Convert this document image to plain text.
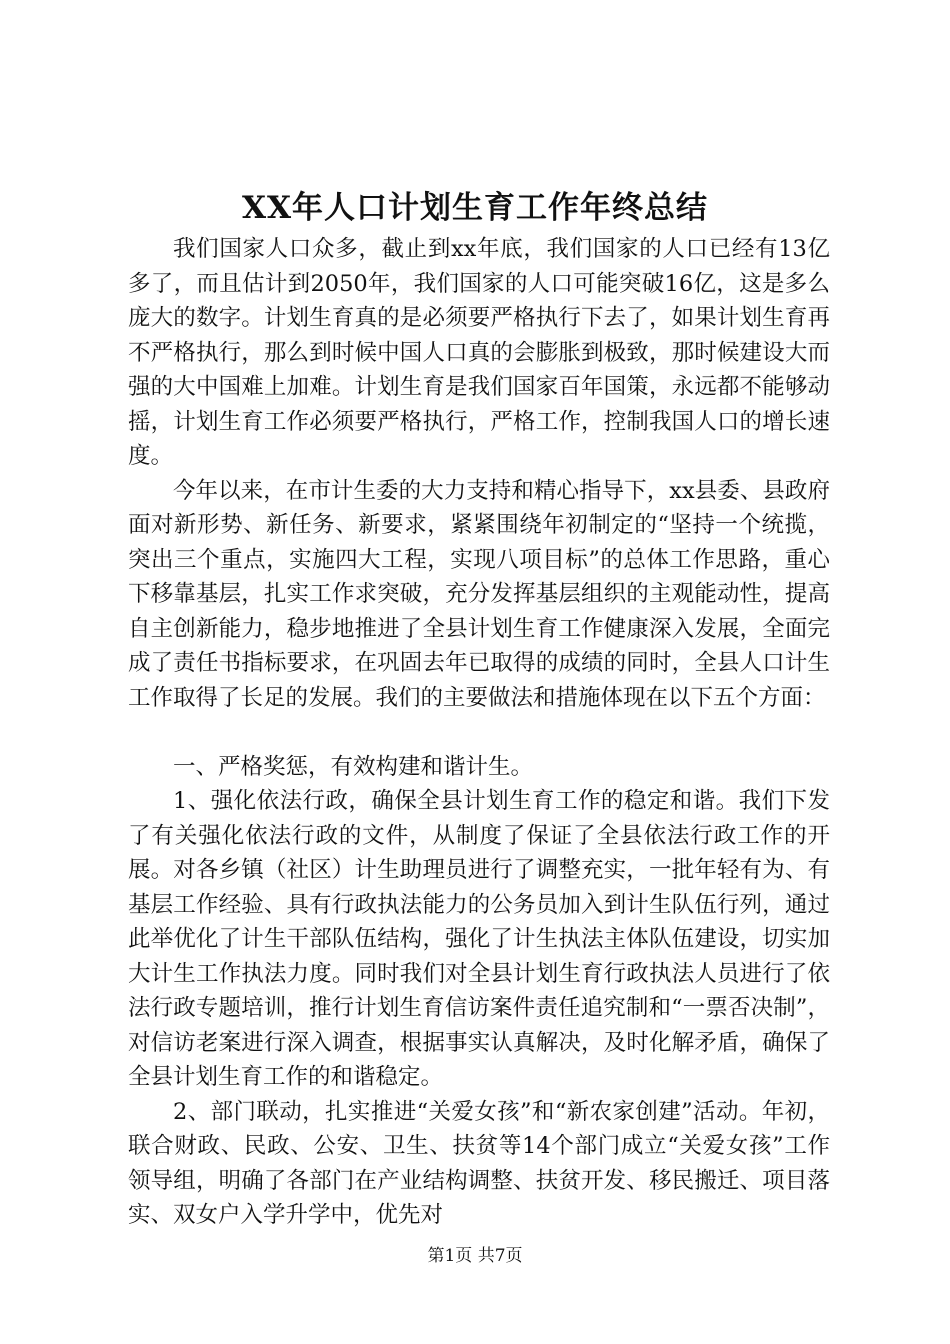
XX年人口计划生育工作年终总结

我们国家人口众多，截止到xx年底，我们国家的人口已经有13亿多了，而且估计到2050年，我们国家的人口可能突破16亿，这是多么庞大的数字。计划生育真的是必须要严格执行下去了，如果计划生育再不严格执行，那么到时候中国人口真的会膨胀到极致，那时候建设大而强的大中国难上加难。计划生育是我们国家百年国策，永远都不能够动摇，计划生育工作必须要严格执行，严格工作，控制我国人口的增长速度。

今年以来，在市计生委的大力支持和精心指导下，xx县委、县政府面对新形势、新任务、新要求，紧紧围绕年初制定的“坚持一个统揽，突出三个重点，实施四大工程，实现八项目标”的总体工作思路，重心下移靠基层，扎实工作求突破，充分发挥基层组织的主观能动性，提高自主创新能力，稳步地推进了全县计划生育工作健康深入发展，全面完成了责任书指标要求，在巩固去年已取得的成绩的同时，全县人口计生工作取得了长足的发展。我们的主要做法和措施体现在以下五个方面：

一、严格奖惩，有效构建和谐计生。

1、强化依法行政，确保全县计划生育工作的稳定和谐。我们下发了有关强化依法行政的文件，从制度了保证了全县依法行政工作的开展。对各乡镇（社区）计生助理员进行了调整充实，一批年轻有为、有基层工作经验、具有行政执法能力的公务员加入到计生队伍行列，通过此举优化了计生干部队伍结构，强化了计生执法主体队伍建设，切实加大计生工作执法力度。同时我们对全县计划生育行政执法人员进行了依法行政专题培训，推行计划生育信访案件责任追究制和“一票否决制”，对信访老案进行深入调查，根据事实认真解决，及时化解矛盾，确保了全县计划生育工作的和谐稳定。

2、部门联动，扎实推进“关爱女孩”和“新农家创建”活动。年初，联合财政、民政、公安、卫生、扶贫等14个部门成立“关爱女孩”工作领导组，明确了各部门在产业结构调整、扶贫开发、移民搬迁、项目落实、双女户入学升学中，优先对

第1页 共7页
